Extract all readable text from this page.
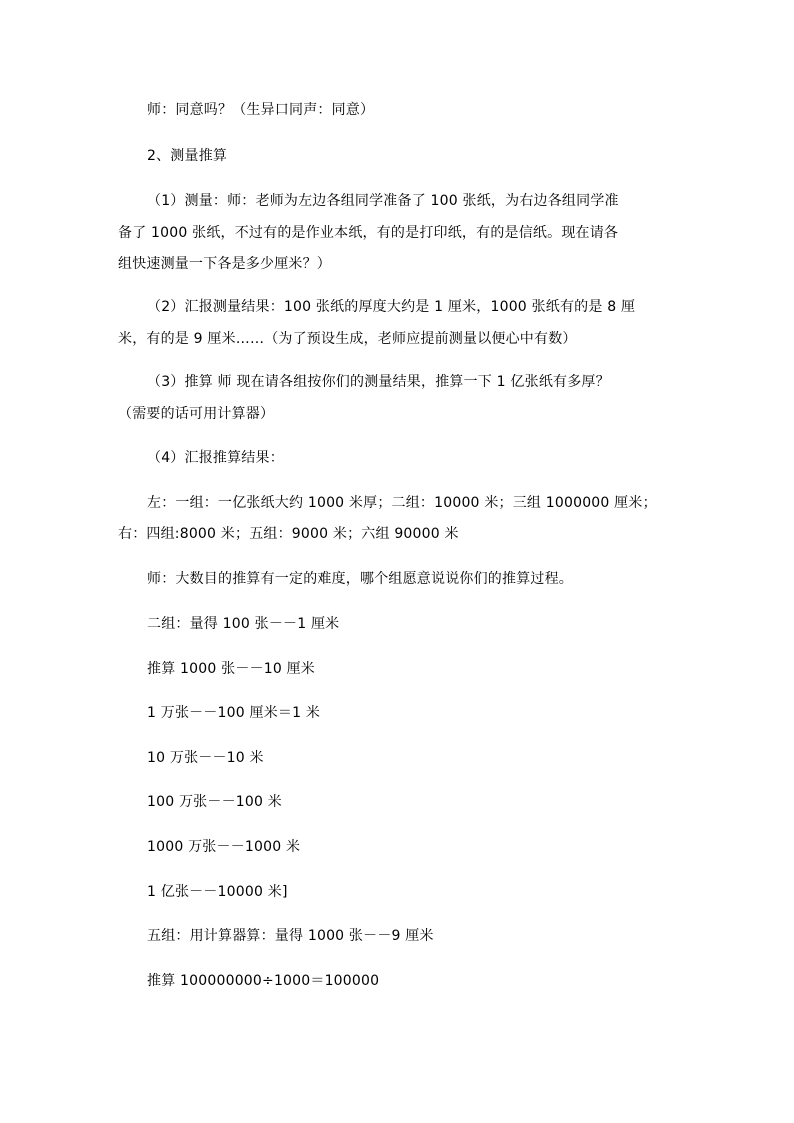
师：同意吗？（生异口同声：同意）
2、测量推算
（1）测量：师：老师为左边各组同学准备了 100 张纸，为右边各组同学准
备了 1000 张纸，不过有的是作业本纸，有的是打印纸，有的是信纸。现在请各
组快速测量一下各是多少厘米？）
（2）汇报测量结果：100 张纸的厚度大约是 1 厘米，1000 张纸有的是 8 厘
米，有的是 9 厘米……（为了预设生成，老师应提前测量以便心中有数）
（3）推算 师 现在请各组按你们的测量结果，推算一下 1 亿张纸有多厚？
（需要的话可用计算器）
（4）汇报推算结果：
左：一组：一亿张纸大约 1000 米厚；二组：10000 米；三组 1000000 厘米；
右：四组:8000 米；五组：9000 米；六组 90000 米
师：大数目的推算有一定的难度，哪个组愿意说说你们的推算过程。
二组：量得 100 张－－1 厘米
推算 1000 张－－10 厘米
1 万张－－100 厘米＝1 米
10 万张－－10 米
100 万张－－100 米
1000 万张－－1000 米
1 亿张－－10000 米]
五组：用计算器算：量得 1000 张－－9 厘米
推算 100000000÷1000＝100000
